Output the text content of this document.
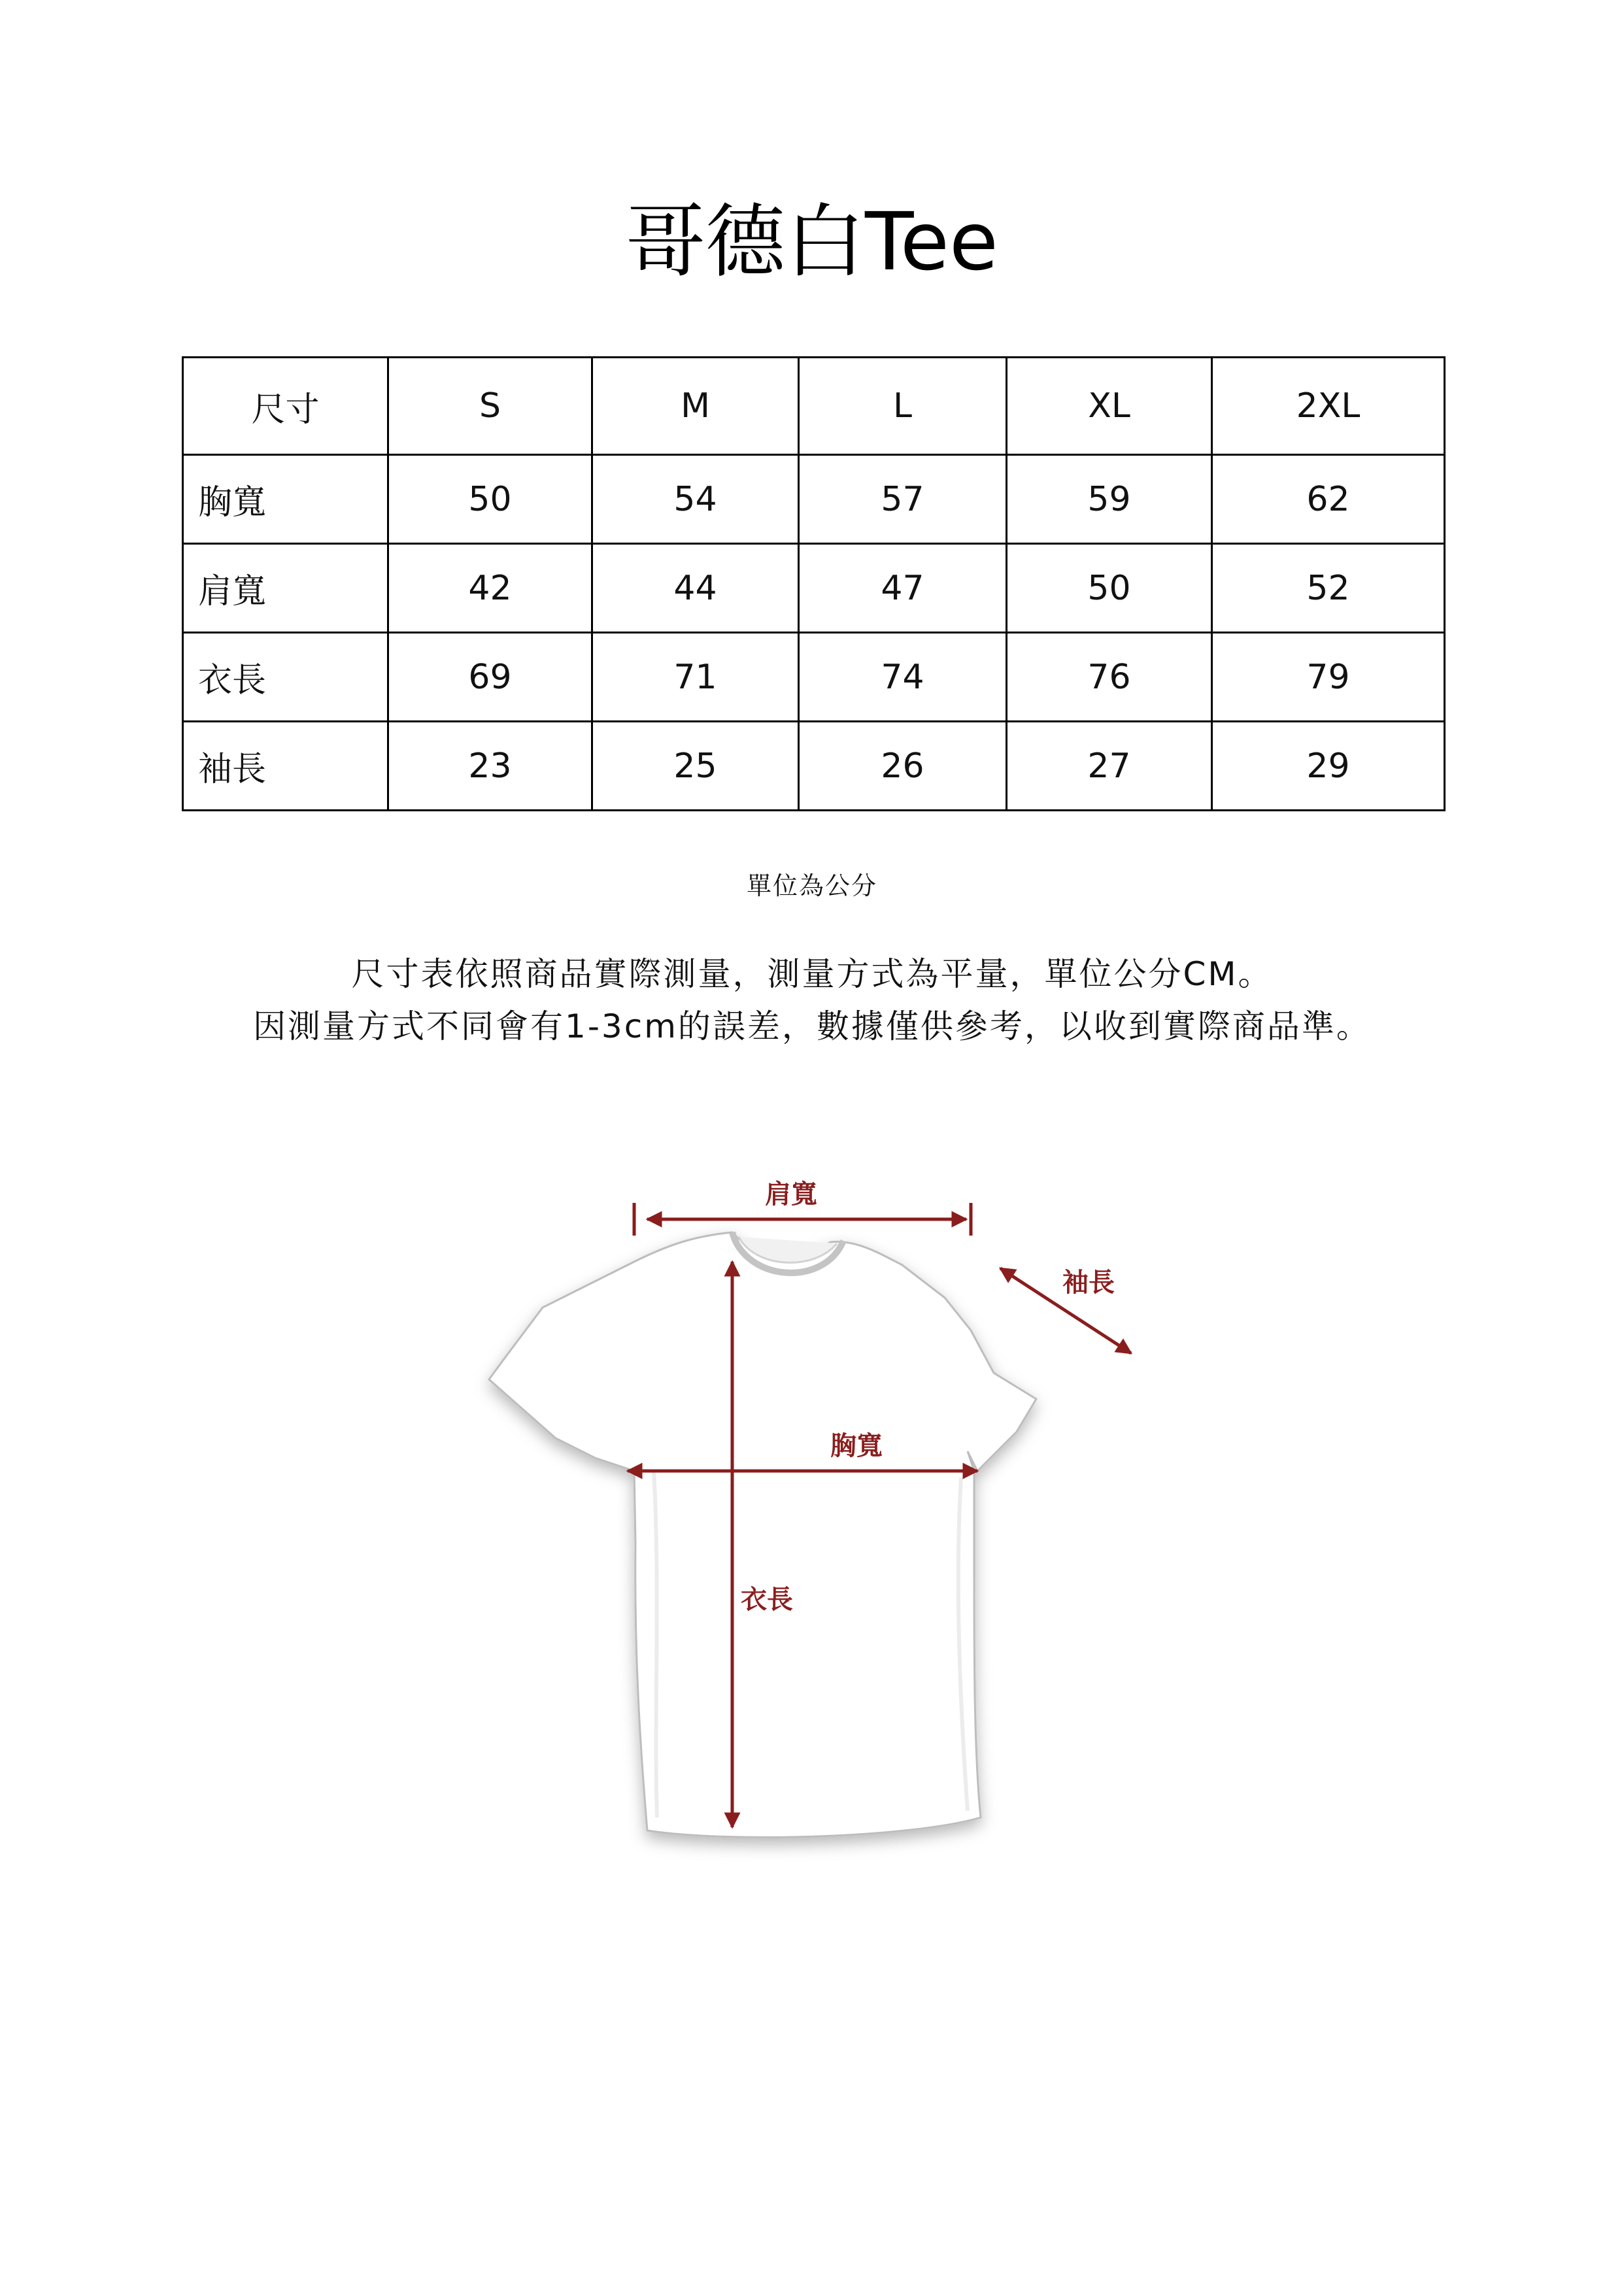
哥德白Tee
尺寸	S	M	L	XL	2XL
胸寬	50	54	57	59	62
肩寬	42	44	47	50	52
衣長	69	71	74	76	79
袖長	23	25	26	27	29
單位為公分
尺寸表依照商品實際測量，測量方式為平量，單位公分CM。
因測量方式不同會有1-3cm的誤差，數據僅供參考，以收到實際商品準。
肩寬
袖長
胸寬
衣長
